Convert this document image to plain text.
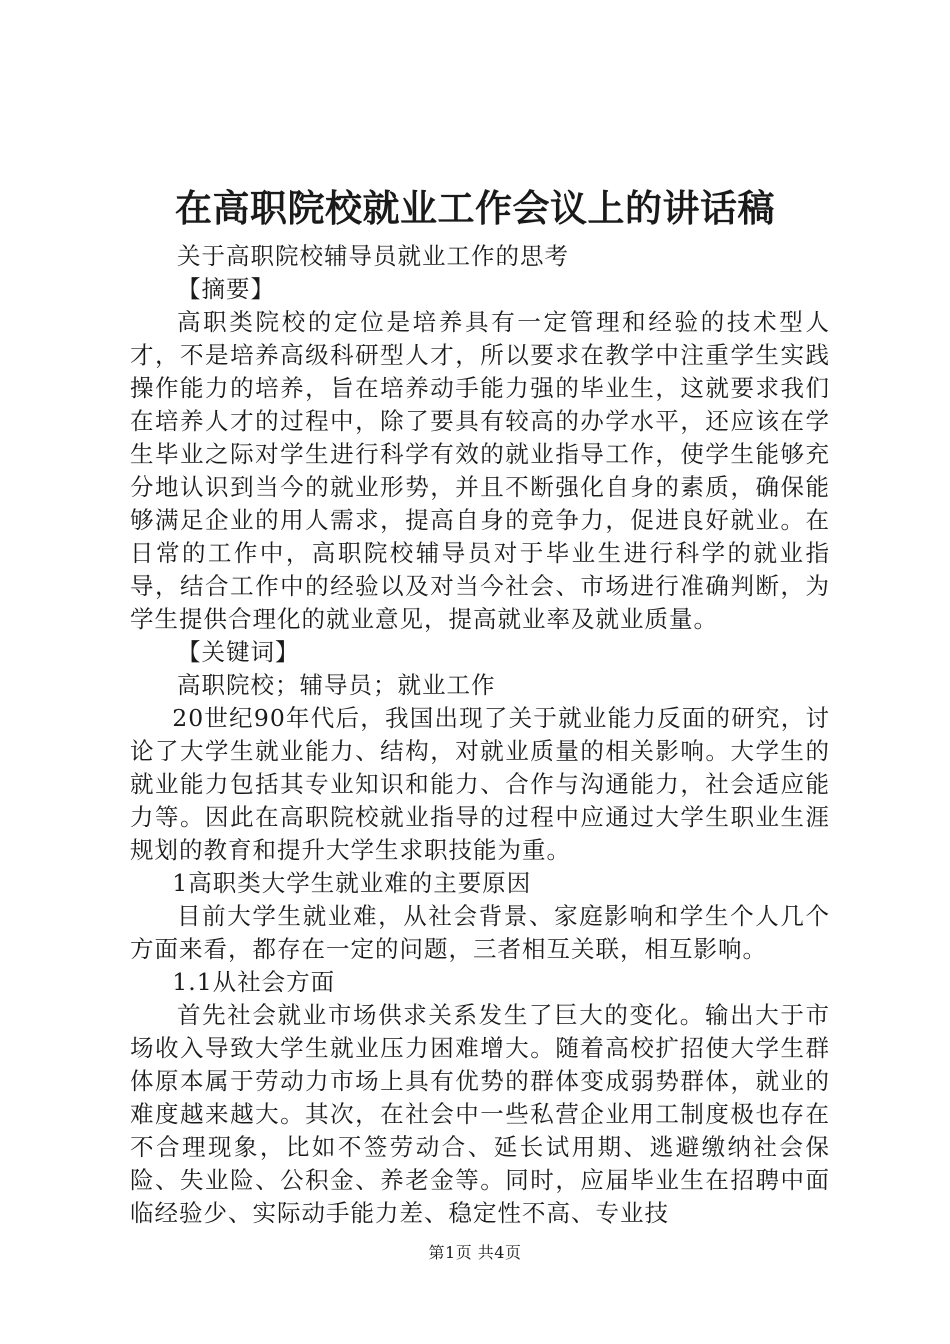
在高职院校就业工作会议上的讲话稿

关于高职院校辅导员就业工作的思考

【摘要】

高职类院校的定位是培养具有一定管理和经验的技术型人才，不是培养高级科研型人才，所以要求在教学中注重学生实践操作能力的培养，旨在培养动手能力强的毕业生，这就要求我们在培养人才的过程中，除了要具有较高的办学水平，还应该在学生毕业之际对学生进行科学有效的就业指导工作，使学生能够充分地认识到当今的就业形势，并且不断强化自身的素质，确保能够满足企业的用人需求，提高自身的竞争力，促进良好就业。在日常的工作中，高职院校辅导员对于毕业生进行科学的就业指导，结合工作中的经验以及对当今社会、市场进行准确判断，为学生提供合理化的就业意见，提高就业率及就业质量。

【关键词】

高职院校；辅导员；就业工作

20世纪90年代后，我国出现了关于就业能力反面的研究，讨论了大学生就业能力、结构，对就业质量的相关影响。大学生的就业能力包括其专业知识和能力、合作与沟通能力，社会适应能力等。因此在高职院校就业指导的过程中应通过大学生职业生涯规划的教育和提升大学生求职技能为重。

1高职类大学生就业难的主要原因

目前大学生就业难，从社会背景、家庭影响和学生个人几个方面来看，都存在一定的问题，三者相互关联，相互影响。

1.1从社会方面

首先社会就业市场供求关系发生了巨大的变化。输出大于市场收入导致大学生就业压力困难增大。随着高校扩招使大学生群体原本属于劳动力市场上具有优势的群体变成弱势群体，就业的难度越来越大。其次，在社会中一些私营企业用工制度极也存在不合理现象，比如不签劳动合、延长试用期、逃避缴纳社会保险、失业险、公积金、养老金等。同时，应届毕业生在招聘中面临经验少、实际动手能力差、稳定性不高、专业技

第1页 共4页
